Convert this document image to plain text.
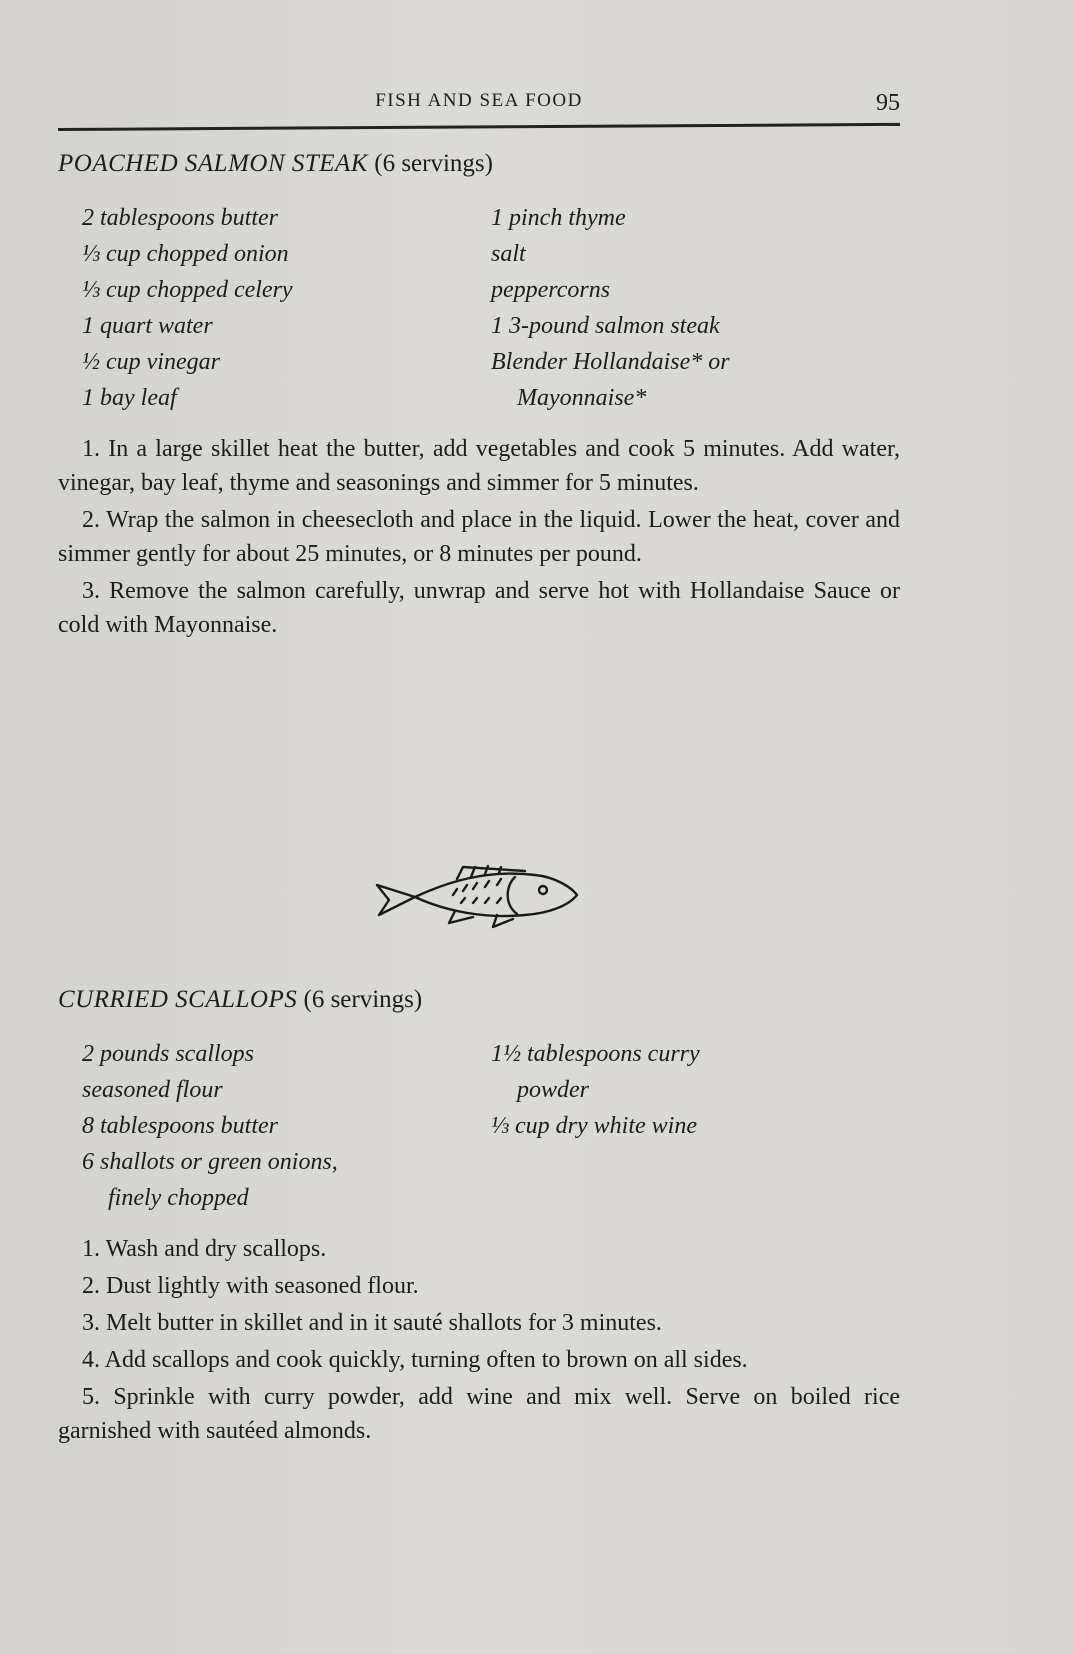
FISH AND SEA FOOD	95
POACHED SALMON STEAK (6 servings)
2 tablespoons butter
⅓ cup chopped onion
⅓ cup chopped celery
1 quart water
½ cup vinegar
1 bay leaf
1 pinch thyme
salt
peppercorns
1 3-pound salmon steak
Blender Hollandaise* or
Mayonnaise*

1. In a large skillet heat the butter, add vegetables and cook 5 minutes. Add water, vinegar, bay leaf, thyme and seasonings and simmer for 5 minutes.

2. Wrap the salmon in cheesecloth and place in the liquid. Lower the heat, cover and simmer gently for about 25 minutes, or 8 minutes per pound.

3. Remove the salmon carefully, unwrap and serve hot with Hollandaise Sauce or cold with Mayonnaise.

CURRIED SCALLOPS (6 servings)
2 pounds scallops
seasoned flour
8 tablespoons butter
6 shallots or green onions,
finely chopped
1½ tablespoons curry
powder
⅓ cup dry white wine

1. Wash and dry scallops.

2. Dust lightly with seasoned flour.

3. Melt butter in skillet and in it sauté shallots for 3 minutes.

4. Add scallops and cook quickly, turning often to brown on all sides.

5. Sprinkle with curry powder, add wine and mix well. Serve on boiled rice garnished with sautéed almonds.
